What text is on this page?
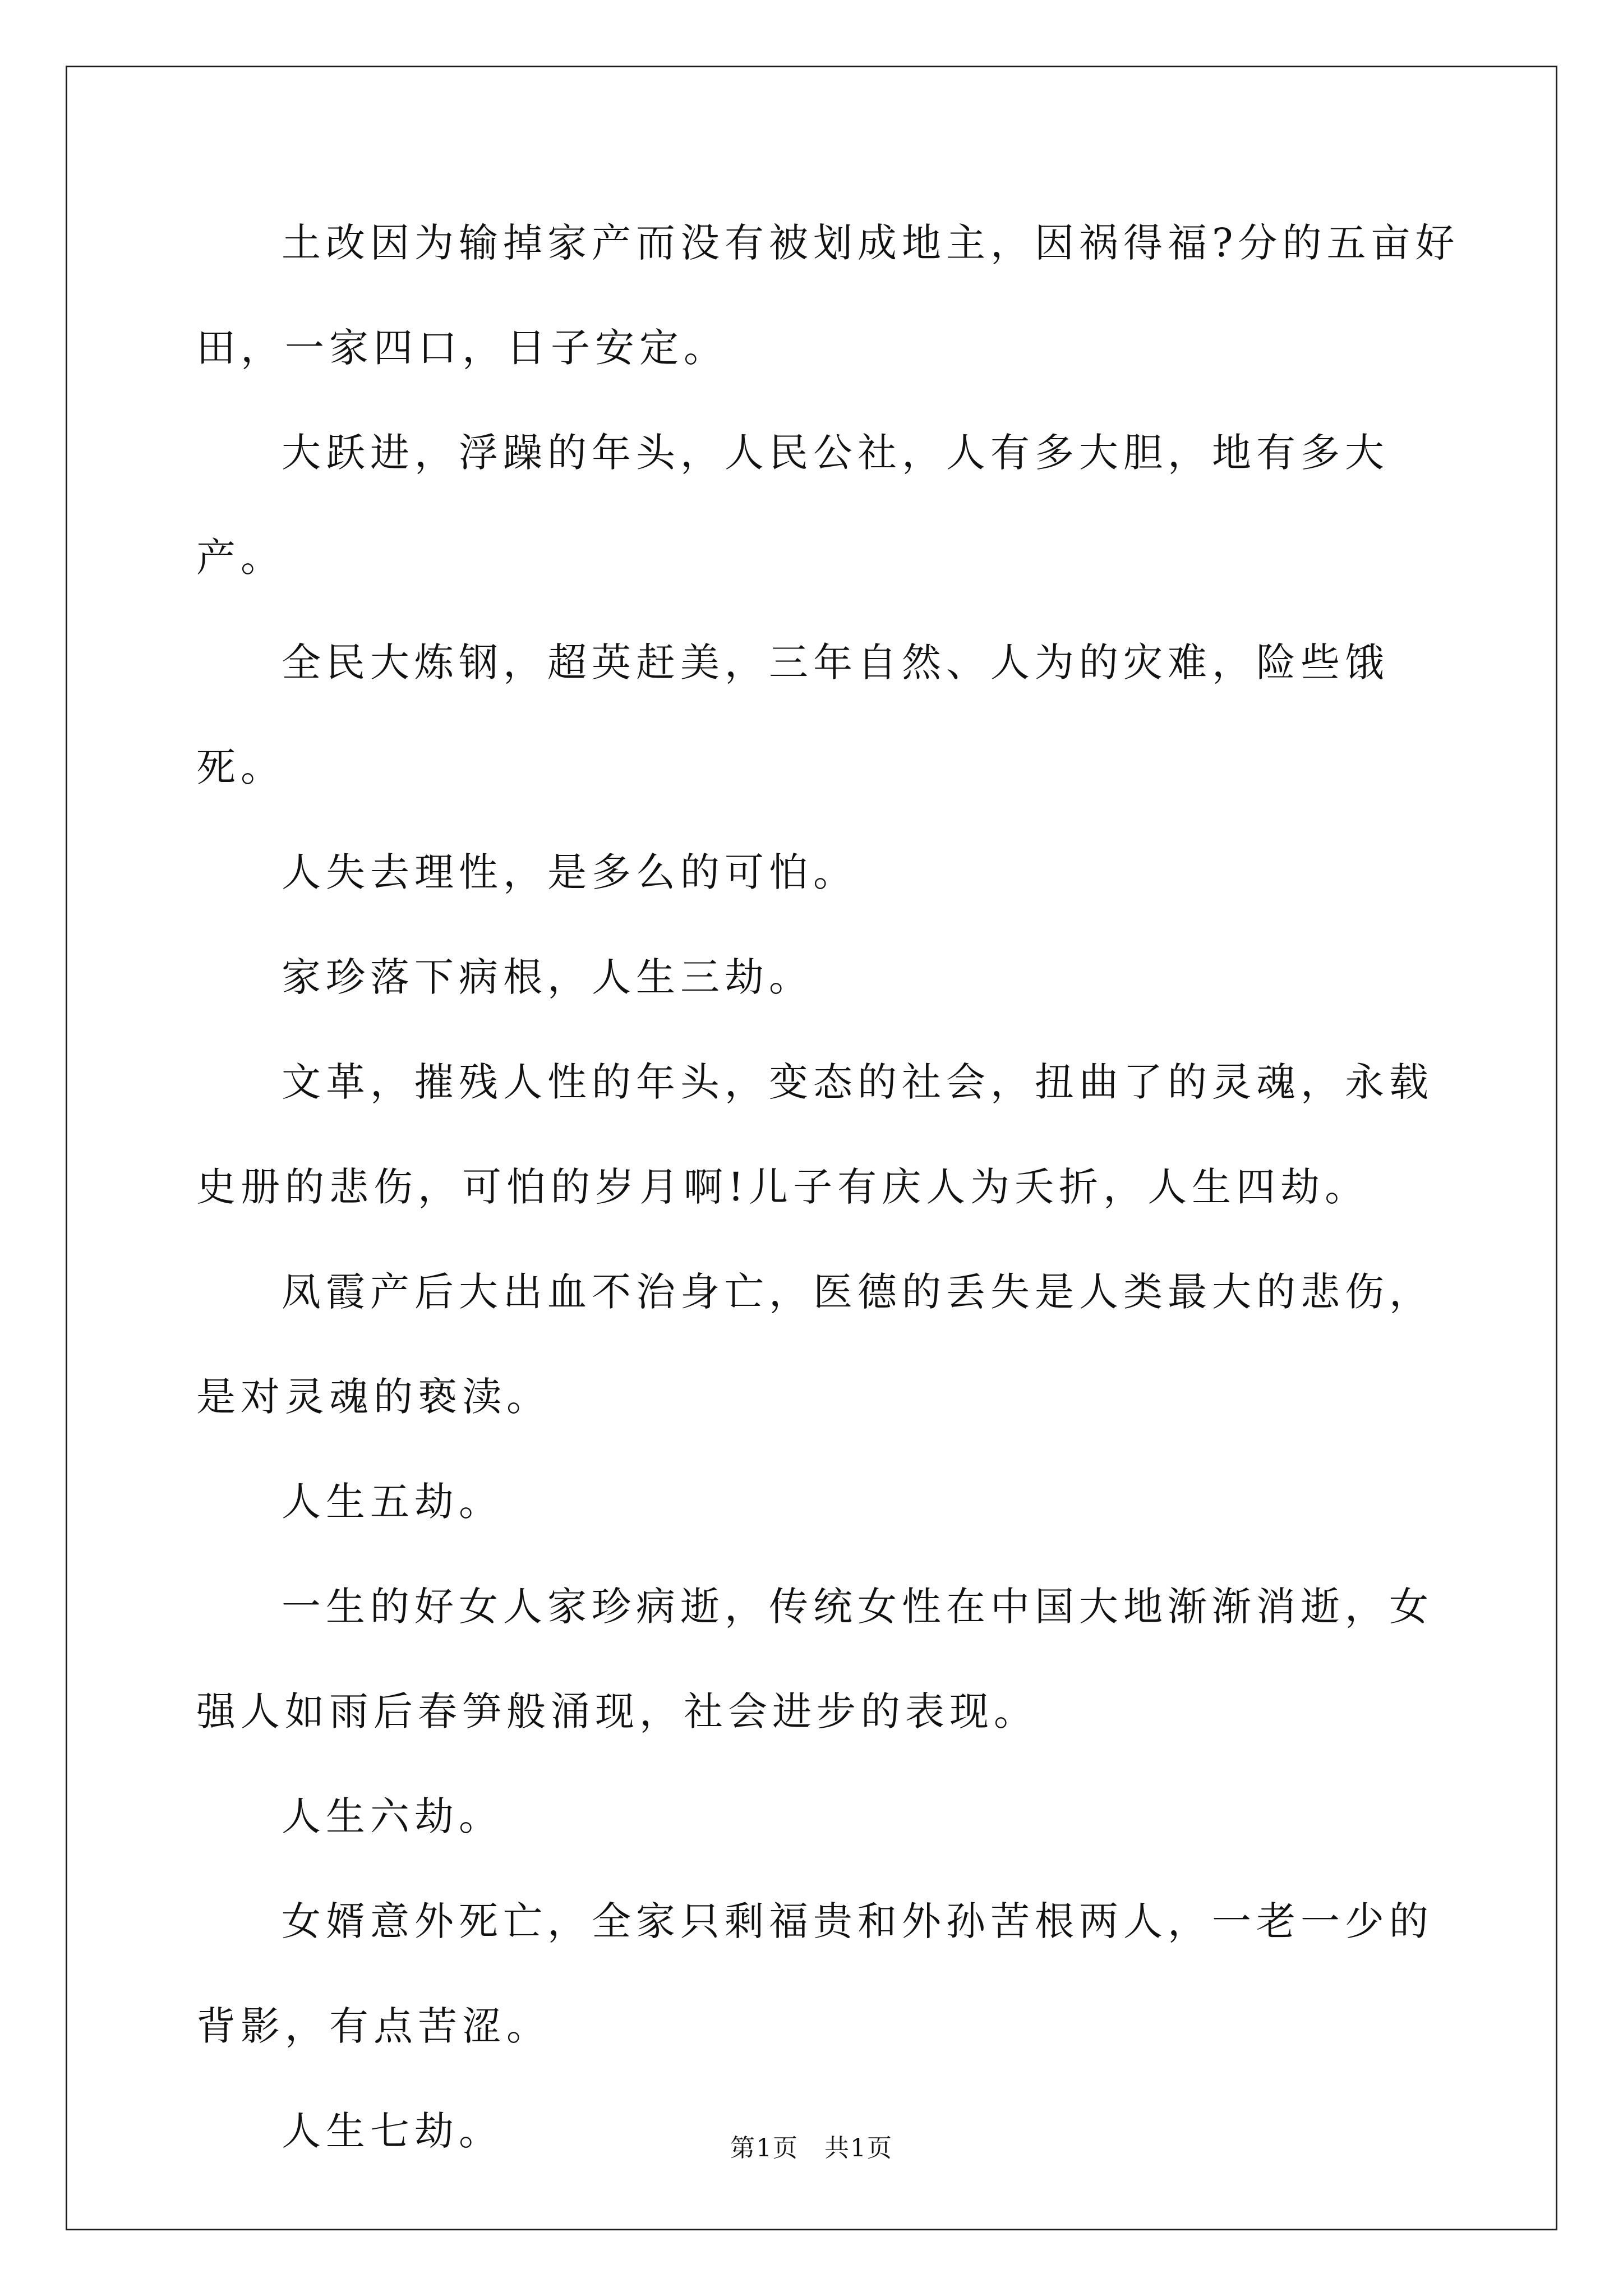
土改因为输掉家产而没有被划成地主，因祸得福?分的五亩好田，一家四口，日子安定。

大跃进，浮躁的年头，人民公社，人有多大胆，地有多大产。

全民大炼钢，超英赶美，三年自然、人为的灾难，险些饿死。

人失去理性，是多么的可怕。

家珍落下病根，人生三劫。

文革，摧残人性的年头，变态的社会，扭曲了的灵魂，永载史册的悲伤，可怕的岁月啊!儿子有庆人为夭折，人生四劫。

凤霞产后大出血不治身亡，医德的丢失是人类最大的悲伤，是对灵魂的亵渎。

人生五劫。

一生的好女人家珍病逝，传统女性在中国大地渐渐消逝，女强人如雨后春笋般涌现，社会进步的表现。

人生六劫。

女婿意外死亡，全家只剩福贵和外孙苦根两人，一老一少的背影，有点苦涩。

人生七劫。	第1页　共1页
